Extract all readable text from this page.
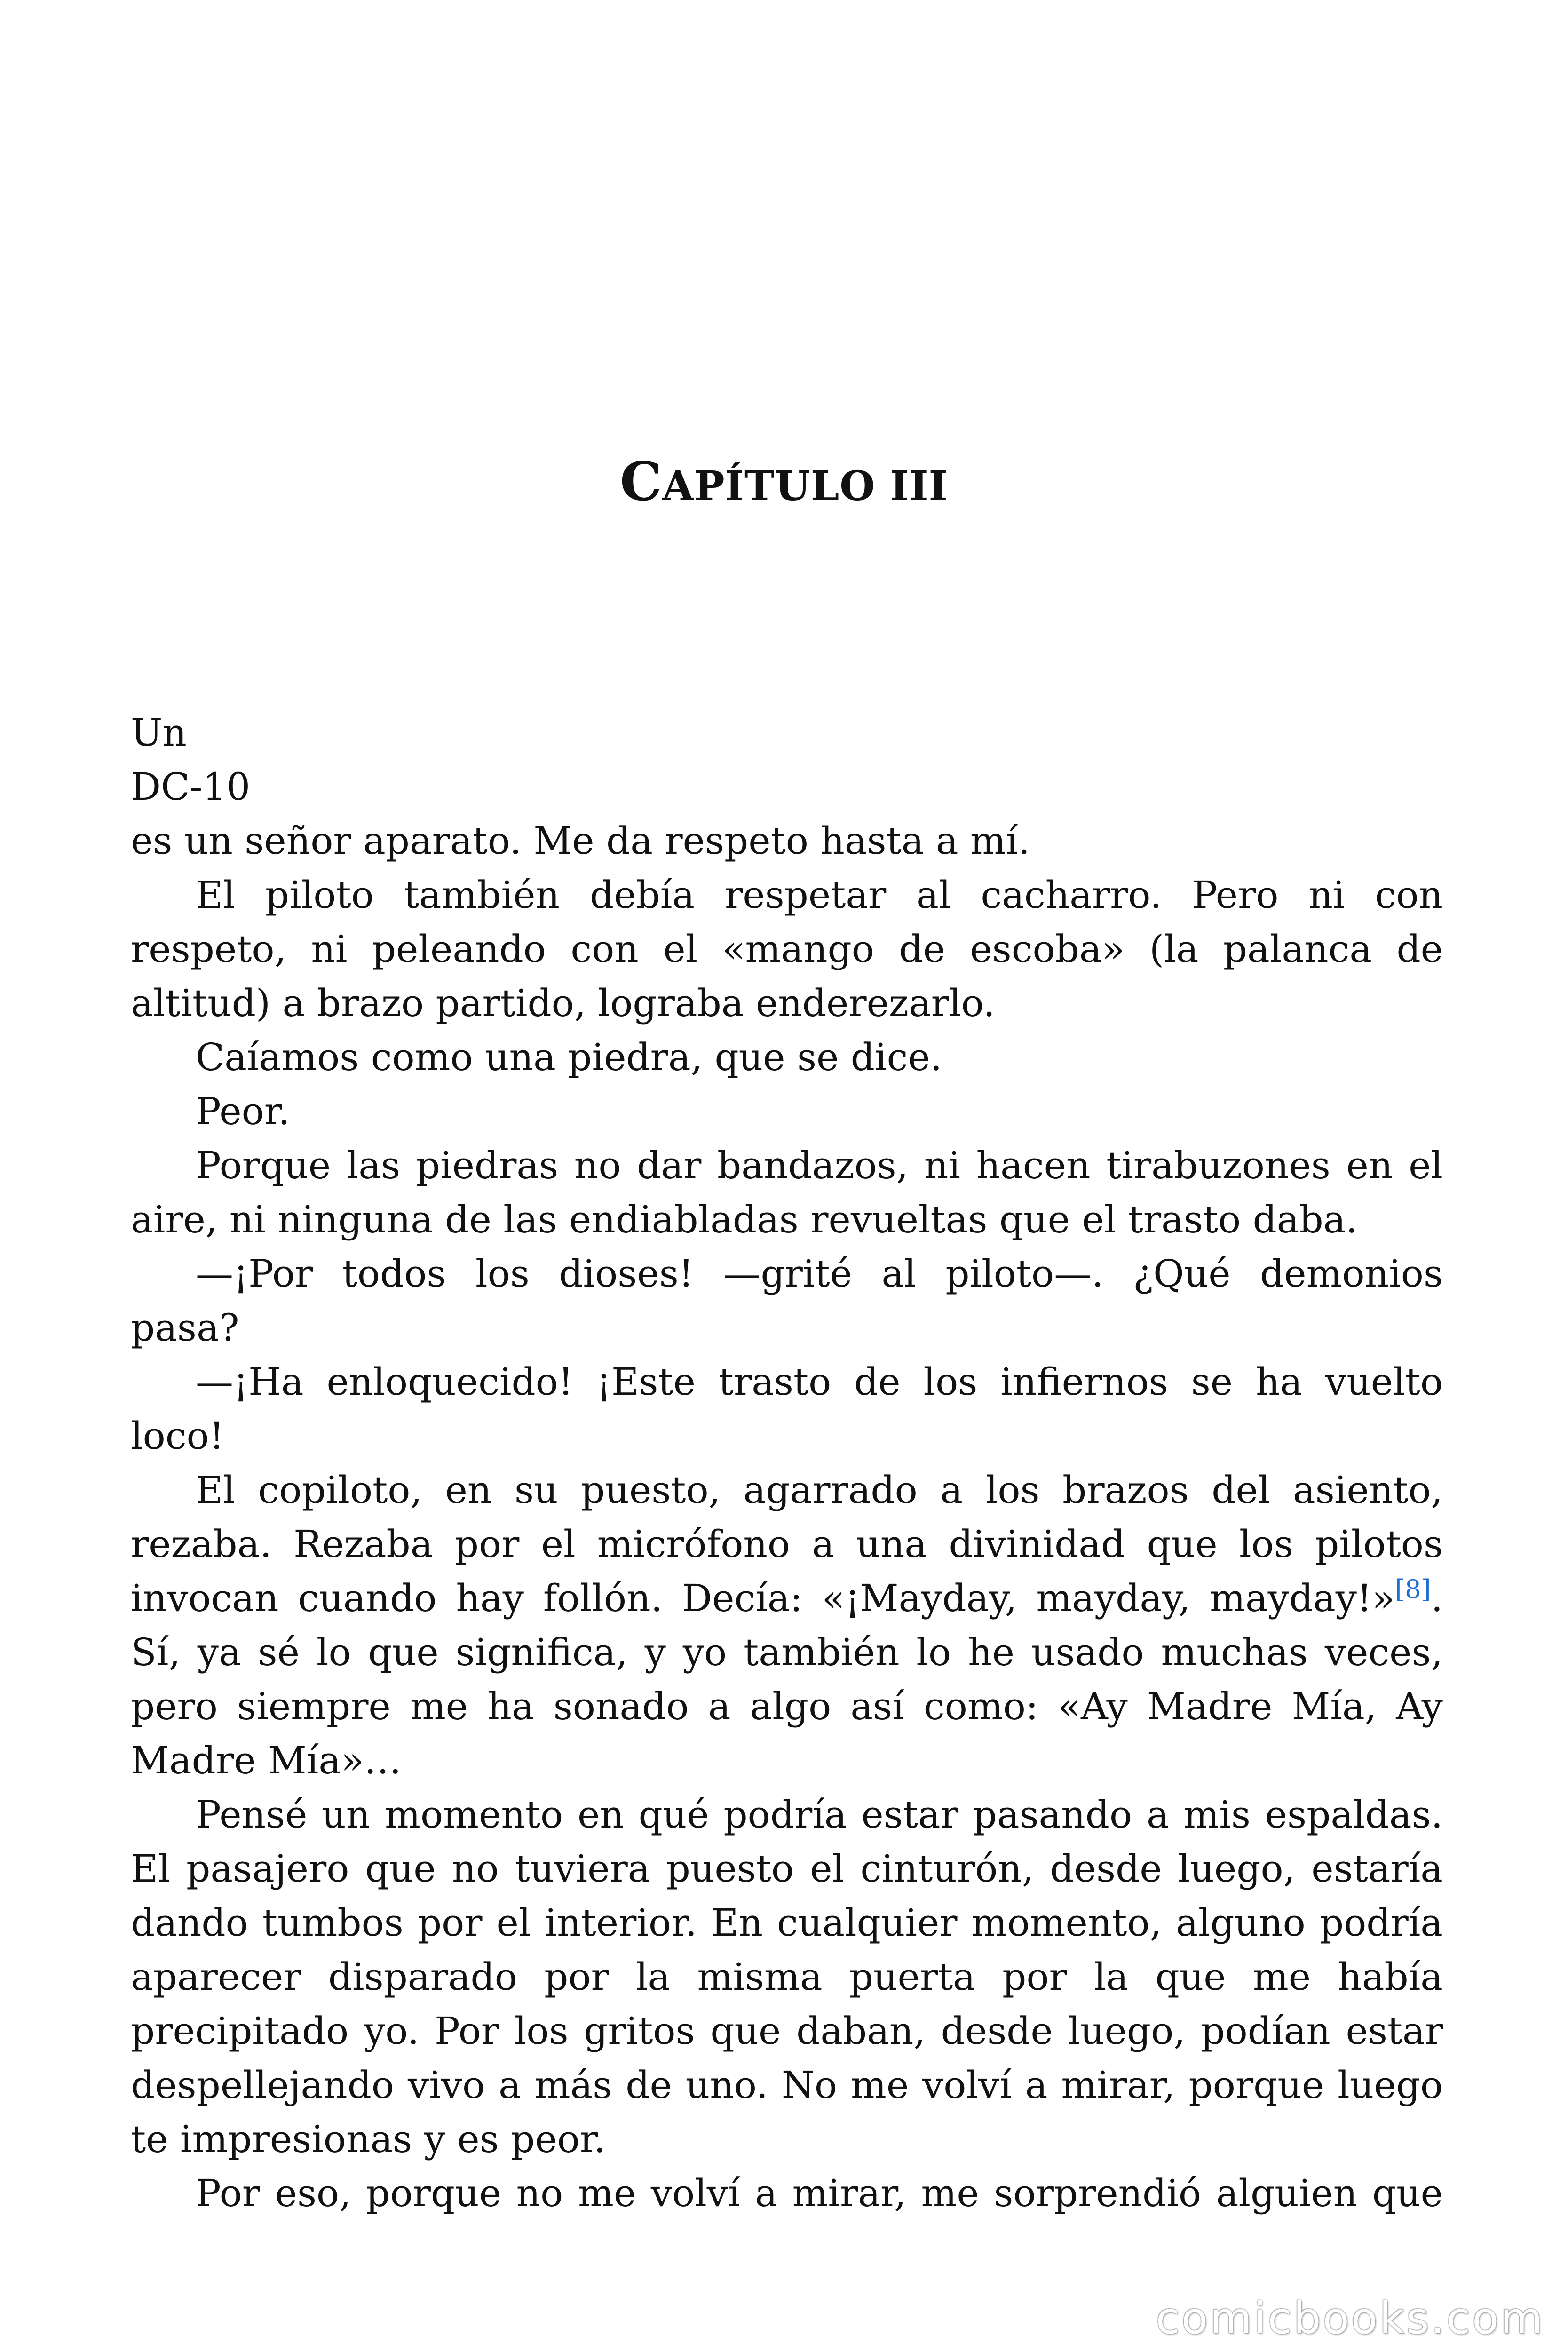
CAPÍTULO III
Un
DC-10
es un señor aparato. Me da respeto hasta a mí.
El piloto también debía respetar al cacharro. Pero ni con
respeto, ni peleando con el «mango de escoba» (la palanca de
altitud) a brazo partido, lograba enderezarlo.
Caíamos como una piedra, que se dice.
Peor.
Porque las piedras no dar bandazos, ni hacen tirabuzones en el
aire, ni ninguna de las endiabladas revueltas que el trasto daba.
—¡Por todos los dioses! —grité al piloto—. ¿Qué demonios
pasa?
—¡Ha enloquecido! ¡Este trasto de los infiernos se ha vuelto
loco!
El copiloto, en su puesto, agarrado a los brazos del asiento,
rezaba. Rezaba por el micrófono a una divinidad que los pilotos
invocan cuando hay follón. Decía: «¡Mayday, mayday, mayday!»[8].
Sí, ya sé lo que significa, y yo también lo he usado muchas veces,
pero siempre me ha sonado a algo así como: «Ay Madre Mía, Ay
Madre Mía»…
Pensé un momento en qué podría estar pasando a mis espaldas.
El pasajero que no tuviera puesto el cinturón, desde luego, estaría
dando tumbos por el interior. En cualquier momento, alguno podría
aparecer disparado por la misma puerta por la que me había
precipitado yo. Por los gritos que daban, desde luego, podían estar
despellejando vivo a más de uno. No me volví a mirar, porque luego
te impresionas y es peor.
Por eso, porque no me volví a mirar, me sorprendió alguien que
comicbooks.com
